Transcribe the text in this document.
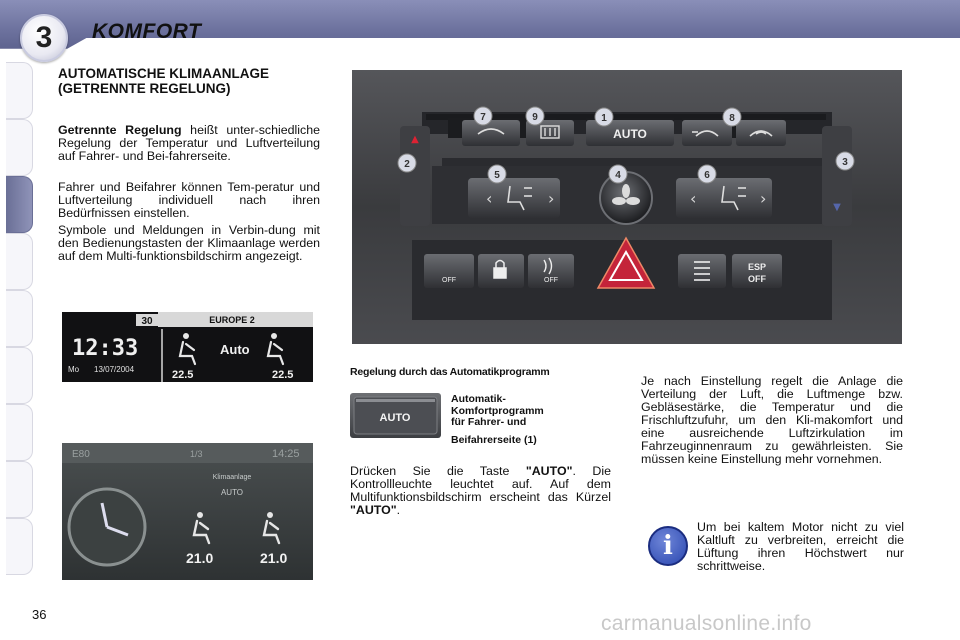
3 KOMFORT
AUTOMATISCHE KLIMAANLAGE (GETRENNTE REGELUNG)
Getrennte Regelung heißt unter-schiedliche Regelung der Temperatur und Luftverteilung auf Fahrer- und Bei-fahrerseite.
Fahrer und Beifahrer können Tem-peratur und Luftverteilung individuell nach ihren Bedürfnissen einstellen.
Symbole und Meldungen in Verbin-dung mit den Bedienungstasten der Klimaanlage werden auf dem Multi-funktionsbildschirm angezeigt.
30	EUROPE 2
12:33
Mo 13/07/2004
Auto
22.5	22.5
E80	1/3	14:25
Klimaanlage
AUTO
21.0	21.0
AUTO
‹	›	‹	›
▲
▼
OFF	OFF
ESP
OFF
1
2	3
4
5	6
7	8
9
Regelung durch das Automatikprogramm
AUTO
Automatik-
Komfortprogramm
für Fahrer- und
Beifahrerseite (1)
Drücken Sie die Taste "AUTO". Die Kontrollleuchte leuchtet auf. Auf dem Multifunktionsbildschirm erscheint das Kürzel "AUTO".
Je nach Einstellung regelt die Anlage die Verteilung der Luft, die Luftmenge bzw. Gebläsestärke, die Temperatur und die Frischluftzufuhr, um den Kli-makomfort und eine ausreichende Luftzirkulation im Fahrzeuginnenraum zu gewährleisten. Sie müssen keine Einstellung mehr vornehmen.
i
Um bei kaltem Motor nicht zu viel Kaltluft zu verbreiten, erreicht die Lüftung ihren Höchstwert nur schrittweise.
36	carmanualsonline.info
